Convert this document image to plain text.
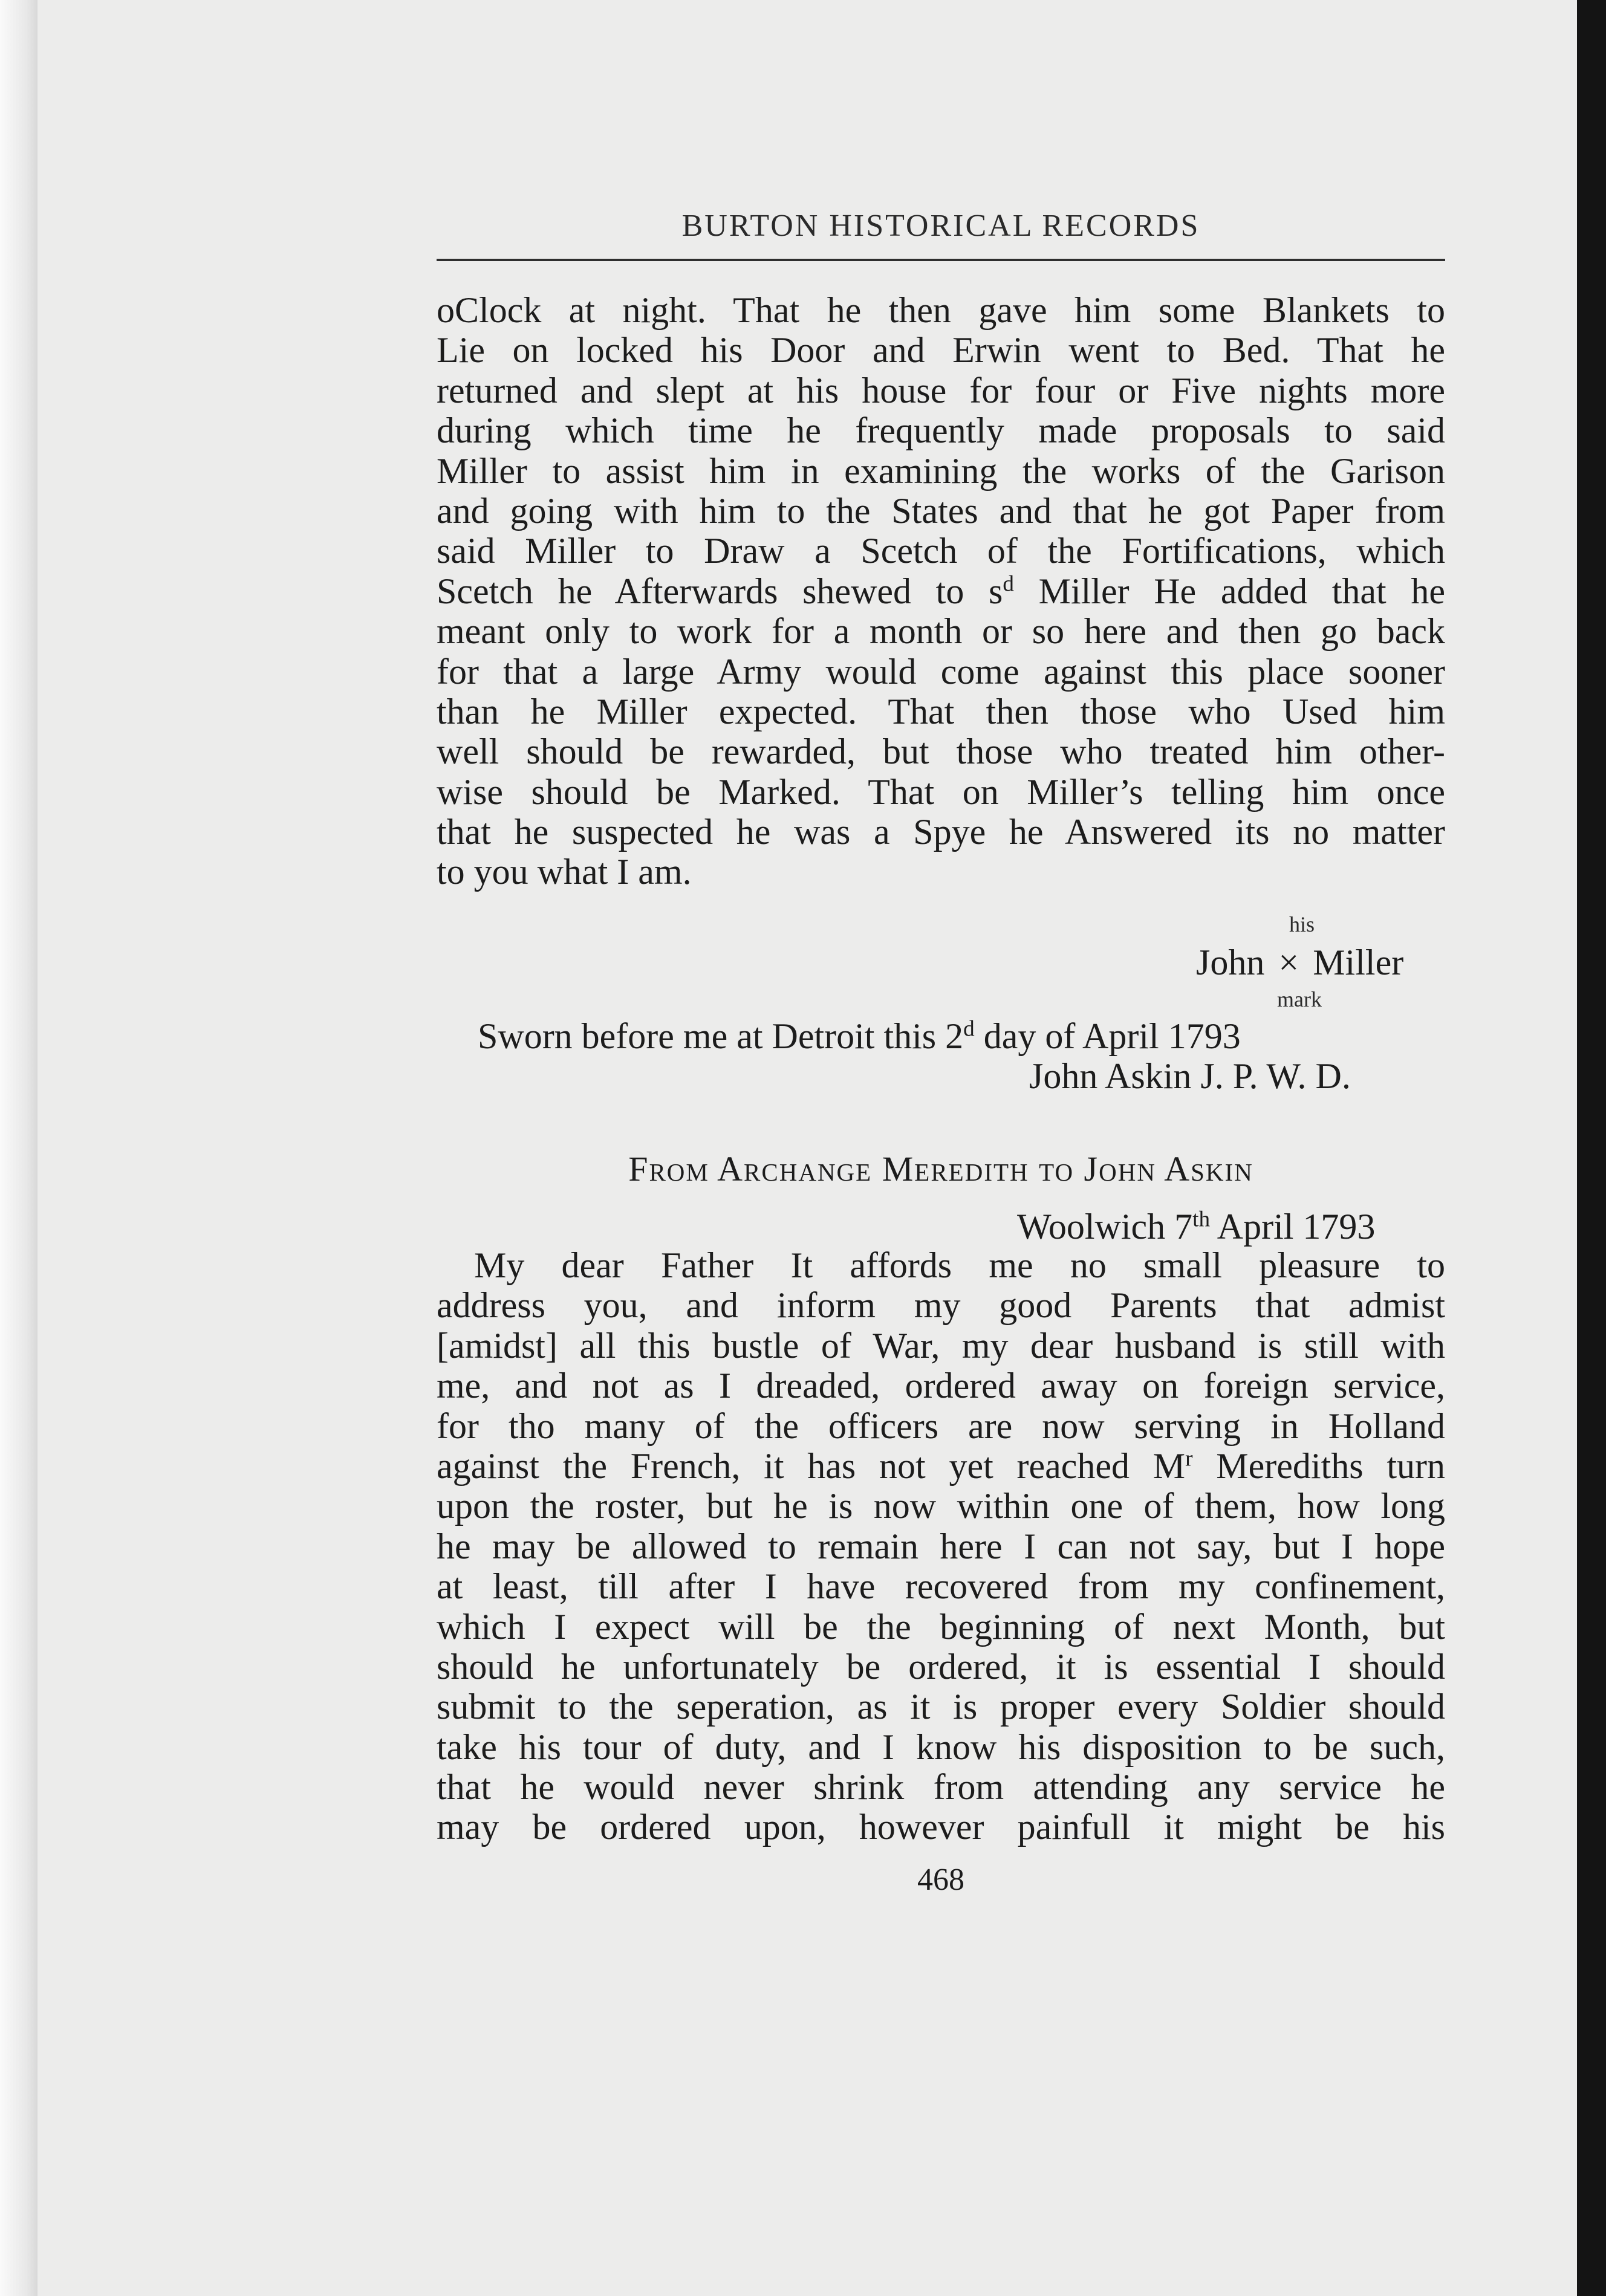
BURTON HISTORICAL RECORDS
oClock at night. That he then gave him some Blankets to
Lie on locked his Door and Erwin went to Bed. That he
returned and slept at his house for four or Five nights more
during which time he frequently made proposals to said
Miller to assist him in examining the works of the Garison
and going with him to the States and that he got Paper from
said Miller to Draw a Scetch of the Fortifications, which
Scetch he Afterwards shewed to $s^d$ Miller He added that he
meant only to work for a month or so here and then go back
for that a large Army would come against this place sooner
than he Miller expected. That then those who Used him
well should be rewarded, but those who treated him other-
wise should be Marked. That on Miller’s telling him once
that he suspected he was a Spye he Answered its no matter
to you what I am.
his
John × Miller
mark
Sworn before me at Detroit this 2$^d$ day of April 1793
John Askin J. P. W. D.
From Archange Meredith to John Askin
Woolwich 7th April 1793
My dear Father It affords me no small pleasure to
address you, and inform my good Parents that admist
[amidst] all this bustle of War, my dear husband is still with
me, and not as I dreaded, ordered away on foreign service,
for tho many of the officers are now serving in Holland
against the French, it has not yet reached $M^r$ Merediths turn
upon the roster, but he is now within one of them, how long
he may be allowed to remain here I can not say, but I hope
at least, till after I have recovered from my confinement,
which I expect will be the beginning of next Month, but
should he unfortunately be ordered, it is essential I should
submit to the seperation, as it is proper every Soldier should
take his tour of duty, and I know his disposition to be such,
that he would never shrink from attending any service he
may be ordered upon, however painfull it might be his
468
